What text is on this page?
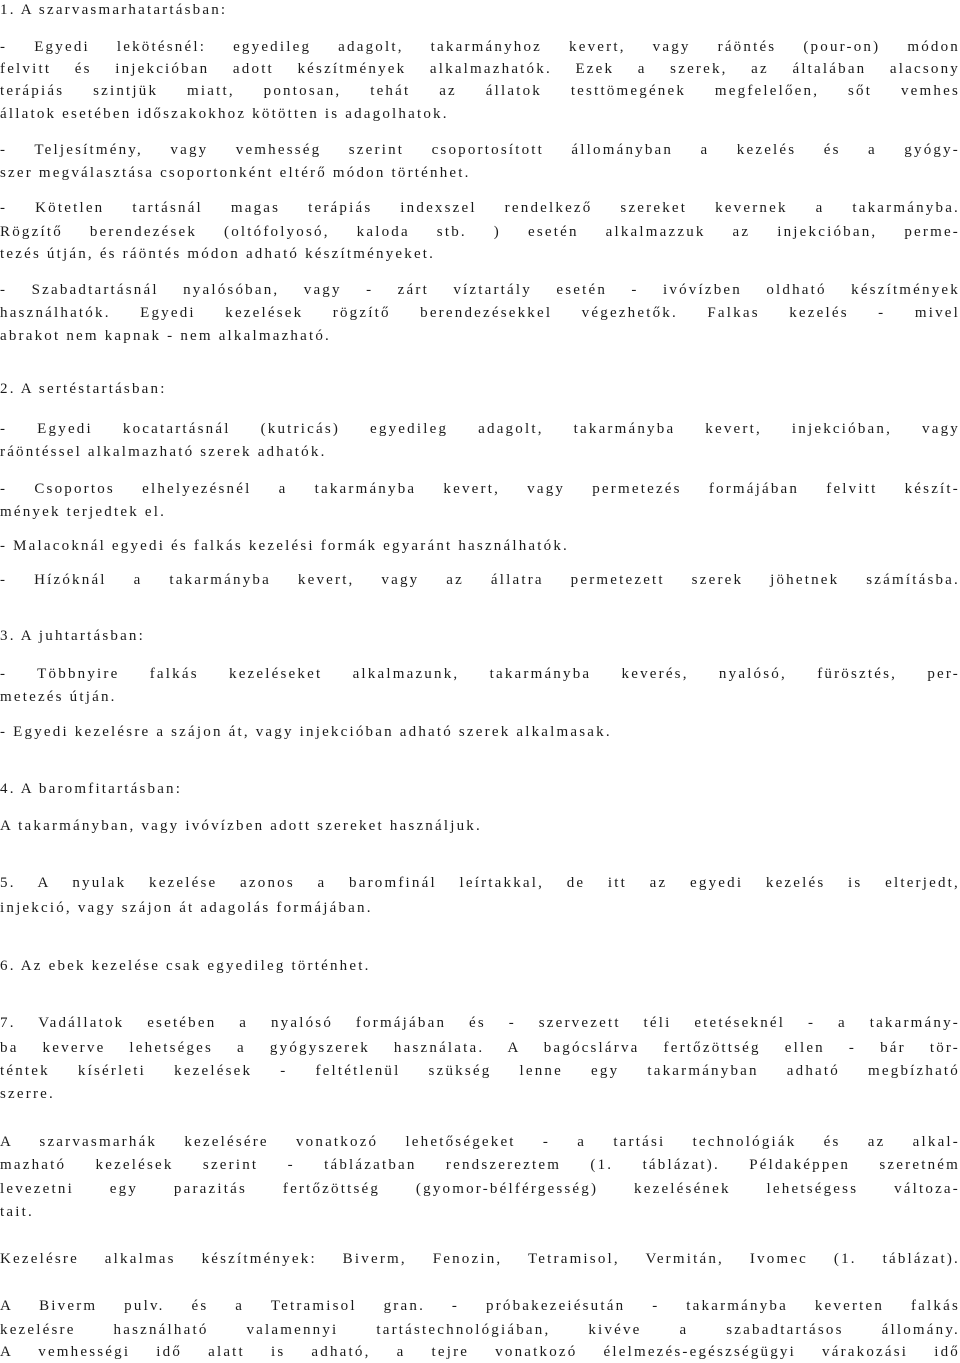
1. A szarvasmarhatartásban:

- Egyedi lekötésnél: egyedileg adagolt, takarmányhoz kevert, vagy ráöntés (pour-on) módon

felvitt és injekcióban adott készítmények alkalmazhatók. Ezek a szerek, az általában alacsony

terápiás szintjük miatt, pontosan, tehát az állatok testtömegének megfelelően, sőt vemhes

állatok esetében időszakokhoz kötötten is adagolhatok.

- Teljesítmény, vagy vemhesség szerint csoportosított állományban a kezelés és a gyógy-

szer megválasztása csoportonként eltérő módon történhet.

- Kötetlen tartásnál magas terápiás indexszel rendelkező szereket kevernek a takarmányba.

Rögzítő berendezések (oltófolyosó, kaloda stb. ) esetén alkalmazzuk az injekcióban, perme-

tezés útján, és ráöntés módon adható készítményeket.

- Szabadtartásnál nyalósóban, vagy - zárt víztartály esetén - ivóvízben oldható készítmények

használhatók. Egyedi kezelések rögzítő berendezésekkel végezhetők. Falkas kezelés - mivel

abrakot nem kapnak - nem alkalmazható.

2. A sertéstartásban:

- Egyedi kocatartásnál (kutricás) egyedileg adagolt, takarmányba kevert, injekcióban, vagy

ráöntéssel alkalmazható szerek adhatók.

- Csoportos elhelyezésnél a takarmányba kevert, vagy permetezés formájában felvitt készít-

mények terjedtek el.

- Malacoknál egyedi és falkás kezelési formák egyaránt használhatók.

- Hízóknál a takarmányba kevert, vagy az állatra permetezett szerek jöhetnek számításba.

3. A juhtartásban:

- Többnyire falkás kezeléseket alkalmazunk, takarmányba keverés, nyalósó, fürösztés, per-

metezés útján.

- Egyedi kezelésre a szájon át, vagy injekcióban adható szerek alkalmasak.

4. A baromfitartásban:

A takarmányban, vagy ivóvízben adott szereket használjuk.

5. A nyulak kezelése azonos a baromfinál leírtakkal, de itt az egyedi kezelés is elterjedt,

injekció, vagy szájon át adagolás formájában.

6. Az ebek kezelése csak egyedileg történhet.

7. Vadállatok esetében a nyalósó formájában és - szervezett téli etetéseknél - a takarmány-

ba keverve lehetséges a gyógyszerek használata. A bagócslárva fertőzöttség ellen - bár tör-

téntek kísérleti kezelések - feltétlenül szükség lenne egy takarmányban adható megbízható

szerre.

A szarvasmarhák kezelésére vonatkozó lehetőségeket - a tartási technológiák és az alkal-

mazható kezelések szerint - táblázatban rendszereztem (1. táblázat). Példaképpen szeretném

levezetni egy parazitás fertőzöttség (gyomor-bélférgesség) kezelésének lehetségess változa-

tait.

Kezelésre alkalmas készítmények: Biverm, Fenozin, Tetramisol, Vermitán, Ivomec (1. táblázat).

A Biverm pulv. és a Tetramisol gran. - próbakezeiésután - takarmányba keverten falkás

kezelésre használható valamennyi tartástechnológiában, kivéve a szabadtartásos állomány.

A vemhességi idő alatt is adható, a tejre vonatkozó élelmezés-egészségügyi várakozási idő
